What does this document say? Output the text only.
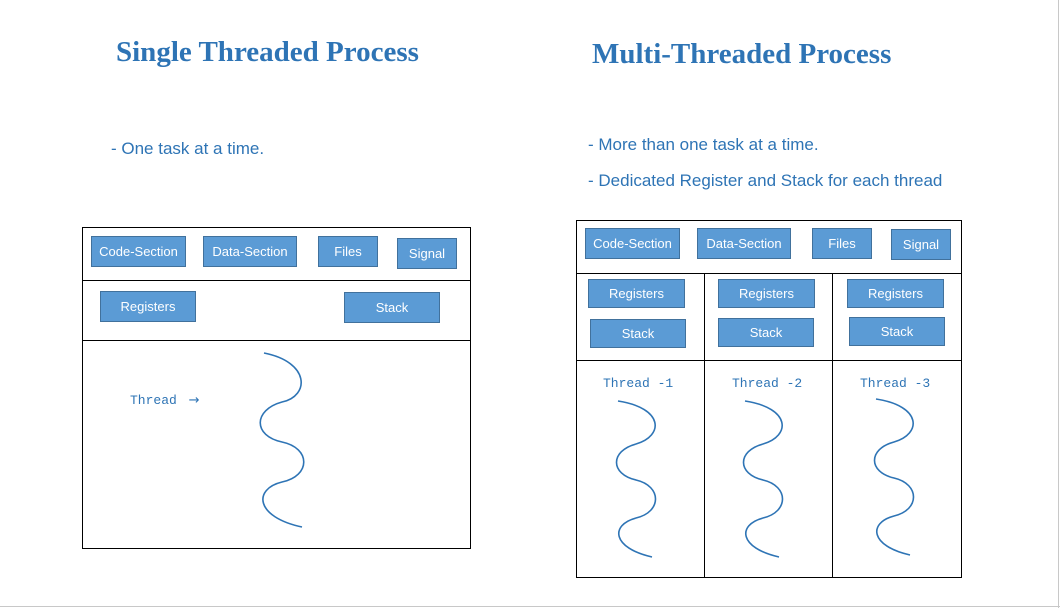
Single Threaded Process
- One task at a time.
Code-Section	Data-Section	Files	Signal
Registers	Stack
Thread →
Multi-Threaded Process
- More than one task at a time.
- Dedicated Register and Stack for each thread
Code-Section	Data-Section	Files	Signal
Registers
Stack
Thread -1
Registers
Stack
Thread -2
Registers
Stack
Thread -3
